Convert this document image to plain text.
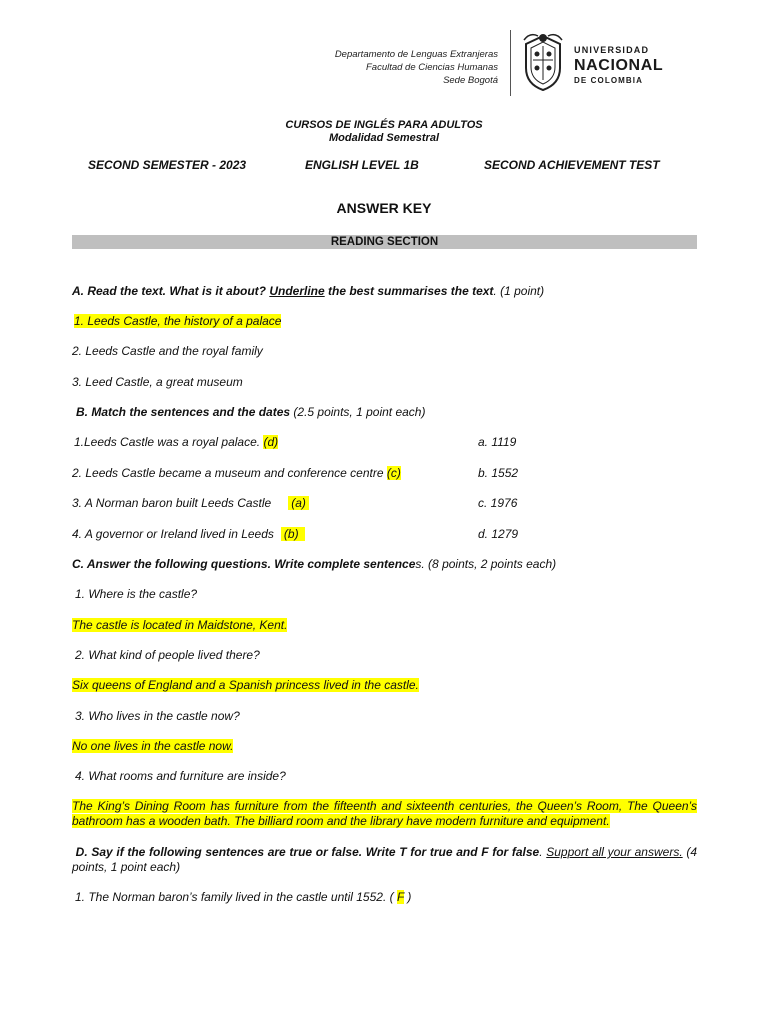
Departamento de Lenguas Extranjeras
Facultad de Ciencias Humanas
Sede Bogotá
UNIVERSIDAD
NACIONAL
DE COLOMBIA
CURSOS DE INGLÉS PARA ADULTOS
Modalidad Semestral
SECOND SEMESTER - 2023	ENGLISH LEVEL 1B	SECOND ACHIEVEMENT TEST
ANSWER KEY
READING SECTION
A. Read the text. What is it about? Underline the best summarises the text. (1 point)
1. Leeds Castle, the history of a palace
2. Leeds Castle and the royal family
3. Leed Castle, a great museum
B. Match the sentences and the dates (2.5 points, 1 point each)
1.Leeds Castle was a royal palace. (d)	a. 1119
2. Leeds Castle became a museum and conference centre (c)	b. 1552
3. A Norman baron built Leeds Castle      (a)	c. 1976
4. A governor or Ireland lived in Leeds   (b)	d. 1279
C. Answer the following questions. Write complete sentences. (8 points, 2 points each)
1. Where is the castle?
The castle is located in Maidstone, Kent.
2. What kind of people lived there?
Six queens of England and a Spanish princess lived in the castle.
3. Who lives in the castle now?
No one lives in the castle now.
4. What rooms and furniture are inside?
The King’s Dining Room has furniture from the fifteenth and sixteenth centuries, the Queen’s Room, The Queen’s bathroom has a wooden bath. The billiard room and the library have modern furniture and equipment.
D. Say if the following sentences are true or false. Write T for true and F for false. Support all your answers. (4 points, 1 point each)
1. The Norman baron’s family lived in the castle until 1552. ( F )
